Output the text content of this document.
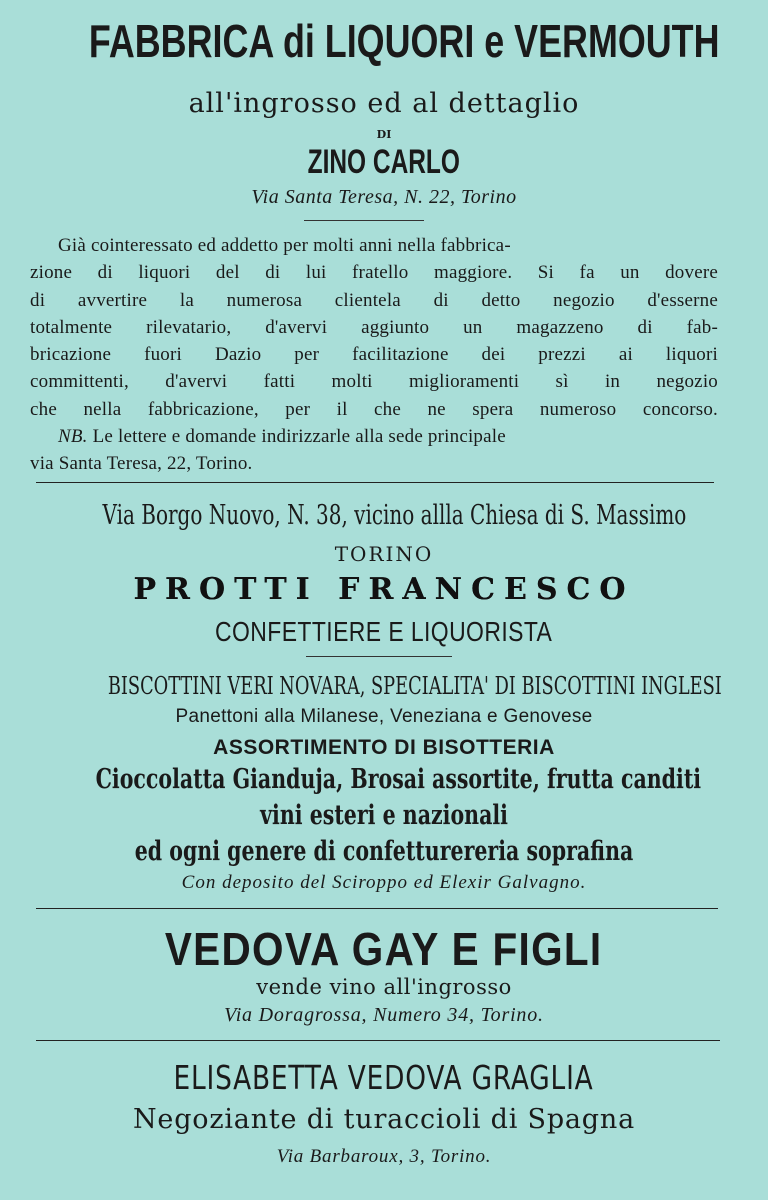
FABBRICA di LIQUORI e VERMOUTH
all'ingrosso ed al dettaglio
DI
ZINO CARLO
Via Santa Teresa, N. 22, Torino
Già cointeressato ed addetto per molti anni nella fabbrica-
zione di liquori del di lui fratello maggiore. Si fa un dovere
di avvertire la numerosa clientela di detto negozio d'esserne
totalmente rilevatario, d'avervi aggiunto un magazzeno di fab-
bricazione fuori Dazio per facilitazione dei prezzi ai liquori
committenti, d'avervi fatti molti miglioramenti sì in negozio
che nella fabbricazione, per il che ne spera numeroso concorso.
NB. Le lettere e domande indirizzarle alla sede principale
via Santa Teresa, 22, Torino.
Via Borgo Nuovo, N. 38, vicino allla Chiesa di S. Massimo
TORINO
PROTTI FRANCESCO
CONFETTIERE E LIQUORISTA
BISCOTTINI VERI NOVARA, SPECIALITA' DI BISCOTTINI INGLESI
Panettoni alla Milanese, Veneziana e Genovese
ASSORTIMENTO DI BISOTTERIA
Cioccolatta Gianduja, Brosai assortite, frutta canditi
vini esteri e nazionali
ed ogni genere di confetturereria soprafina
Con deposito del Sciroppo ed Elexir Galvagno.
VEDOVA GAY E FIGLI
vende vino all'ingrosso
Via Doragrossa, Numero 34, Torino.
ELISABETTA VEDOVA GRAGLIA
Negoziante di turaccioli di Spagna
Via Barbaroux, 3, Torino.
